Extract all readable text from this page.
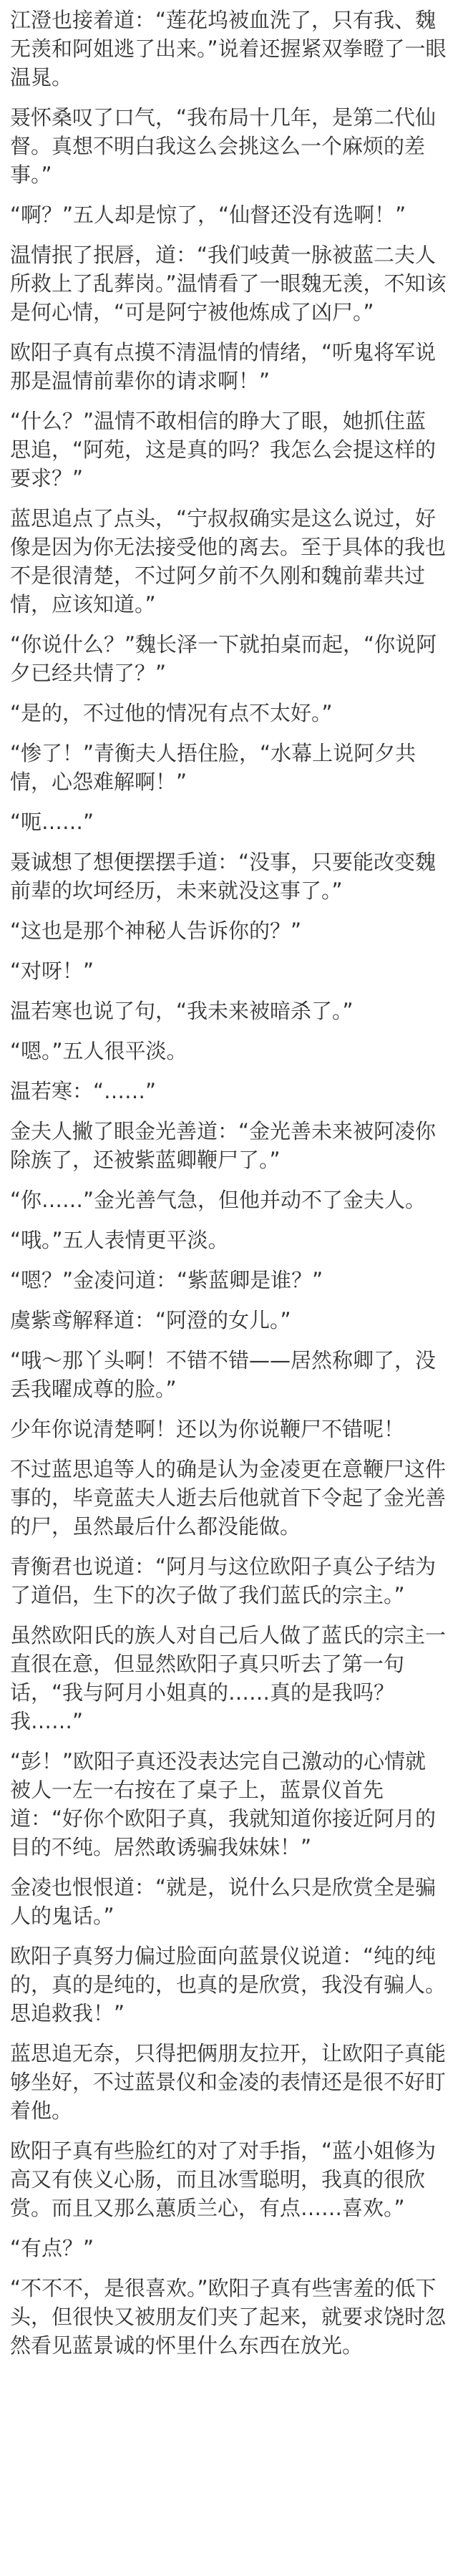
江澄也接着道：“莲花坞被血洗了，只有我、魏无羡和阿姐逃了出来。”说着还握紧双拳瞪了一眼温晁。

聂怀桑叹了口气，“我布局十几年，是第二代仙督。真想不明白我这么会挑这么一个麻烦的差事。”

“啊？”五人却是惊了，“仙督还没有选啊！”

温情抿了抿唇，道：“我们岐黄一脉被蓝二夫人所救上了乱葬岗。”温情看了一眼魏无羡，不知该是何心情，“可是阿宁被他炼成了凶尸。”

欧阳子真有点摸不清温情的情绪，“听鬼将军说那是温情前辈你的请求啊！”

“什么？”温情不敢相信的睁大了眼，她抓住蓝思追，“阿苑，这是真的吗？我怎么会提这样的要求？”

蓝思追点了点头，“宁叔叔确实是这么说过，好像是因为你无法接受他的离去。至于具体的我也不是很清楚，不过阿夕前不久刚和魏前辈共过情，应该知道。”

“你说什么？”魏长泽一下就拍桌而起，“你说阿夕已经共情了？”

“是的，不过他的情况有点不太好。”

“惨了！”青衡夫人捂住脸，“水幕上说阿夕共情，心怨难解啊！”

“呃……”

聂诚想了想便摆摆手道：“没事，只要能改变魏前辈的坎坷经历，未来就没这事了。”

“这也是那个神秘人告诉你的？”

“对呀！”

温若寒也说了句，“我未来被暗杀了。”

“嗯。”五人很平淡。

温若寒：“……”

金夫人撇了眼金光善道：“金光善未来被阿凌你除族了，还被紫蓝卿鞭尸了。”

“你……”金光善气急，但他并动不了金夫人。

“哦。”五人表情更平淡。

“嗯？”金凌问道：“紫蓝卿是谁？”

虞紫鸢解释道：“阿澄的女儿。”

“哦～那丫头啊！不错不错——居然称卿了，没丢我曜成尊的脸。”

少年你说清楚啊！还以为你说鞭尸不错呢！

不过蓝思追等人的确是认为金凌更在意鞭尸这件事的，毕竟蓝夫人逝去后他就首下令起了金光善的尸，虽然最后什么都没能做。

青衡君也说道：“阿月与这位欧阳子真公子结为了道侣，生下的次子做了我们蓝氏的宗主。”

虽然欧阳氏的族人对自己后人做了蓝氏的宗主一直很在意，但显然欧阳子真只听去了第一句话，“我与阿月小姐真的……真的是我吗？我……”

“彭！”欧阳子真还没表达完自己激动的心情就被人一左一右按在了桌子上，蓝景仪首先道：“好你个欧阳子真，我就知道你接近阿月的目的不纯。居然敢诱骗我妹妹！”

金凌也恨恨道：“就是，说什么只是欣赏全是骗人的鬼话。”

欧阳子真努力偏过脸面向蓝景仪说道：“纯的纯的，真的是纯的，也真的是欣赏，我没有骗人。思追救我！”

蓝思追无奈，只得把俩朋友拉开，让欧阳子真能够坐好，不过蓝景仪和金凌的表情还是很不好盯着他。

欧阳子真有些脸红的对了对手指，“蓝小姐修为高又有侠义心肠，而且冰雪聪明，我真的很欣赏。而且又那么蕙质兰心，有点……喜欢。”

“有点？”

“不不不，是很喜欢。”欧阳子真有些害羞的低下头，但很快又被朋友们夹了起来，就要求饶时忽然看见蓝景诚的怀里什么东西在放光。
